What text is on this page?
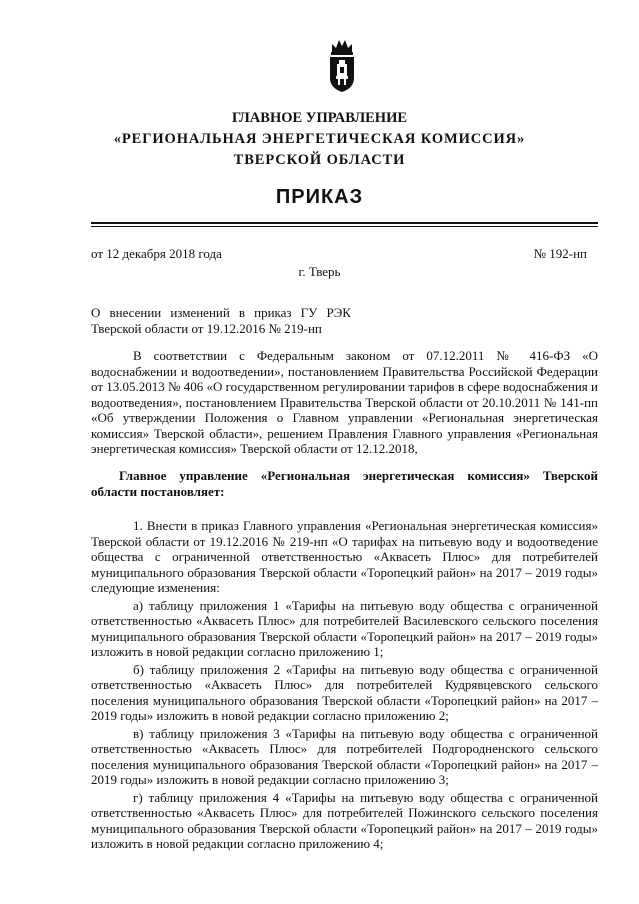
ГЛАВНОЕ УПРАВЛЕНИЕ
«РЕГИОНАЛЬНАЯ ЭНЕРГЕТИЧЕСКАЯ КОМИССИЯ»
ТВЕРСКОЙ ОБЛАСТИ
ПРИКАЗ
от 12 декабря 2018 года	№ 192-нп
г. Тверь
О внесении изменений в приказ ГУ РЭК
Тверской области от 19.12.2016 № 219-нп

В соответствии с Федеральным законом от 07.12.2011 № 416-ФЗ «О водоснабжении и водоотведении», постановлением Правительства Российской Федерации от 13.05.2013 № 406 «О государственном регулировании тарифов в сфере водоснабжения и водоотведения», постановлением Правительства Тверской области от 20.10.2011 № 141-пп «Об утверждении Положения о Главном управлении «Региональная энергетическая комиссия» Тверской области», решением Правления Главного управления «Региональная энергетическая комиссия» Тверской области от 12.12.2018,

Главное управление «Региональная энергетическая комиссия» Тверской области постановляет:

1. Внести в приказ Главного управления «Региональная энергетическая комиссия» Тверской области от 19.12.2016 № 219-нп «О тарифах на питьевую воду и водоотведение общества с ограниченной ответственностью «Аквасеть Плюс» для потребителей муниципального образования Тверской области «Торопецкий район» на 2017 – 2019 годы» следующие изменения:

а) таблицу приложения 1 «Тарифы на питьевую воду общества с ограниченной ответственностью «Аквасеть Плюс» для потребителей Василевского сельского поселения муниципального образования Тверской области «Торопецкий район» на 2017 – 2019 годы» изложить в новой редакции согласно приложению 1;

б) таблицу приложения 2 «Тарифы на питьевую воду общества с ограниченной ответственностью «Аквасеть Плюс» для потребителей Кудрявцевского сельского поселения муниципального образования Тверской области «Торопецкий район» на 2017 – 2019 годы» изложить в новой редакции согласно приложению 2;

в) таблицу приложения 3 «Тарифы на питьевую воду общества с ограниченной ответственностью «Аквасеть Плюс» для потребителей Подгородненского сельского поселения муниципального образования Тверской области «Торопецкий район» на 2017 – 2019 годы» изложить в новой редакции согласно приложению 3;

г) таблицу приложения 4 «Тарифы на питьевую воду общества с ограниченной ответственностью «Аквасеть Плюс» для потребителей Пожинского сельского поселения муниципального образования Тверской области «Торопецкий район» на 2017 – 2019 годы» изложить в новой редакции согласно приложению 4;
